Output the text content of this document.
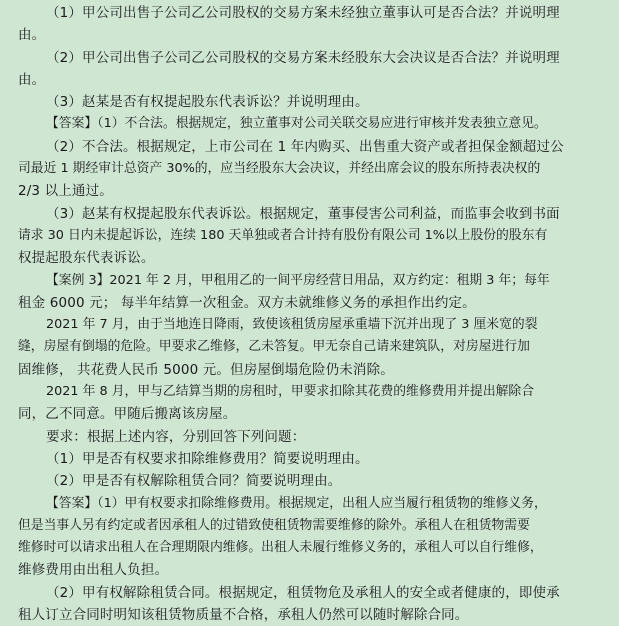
（1）甲公司出售子公司乙公司股权的交易方案未经独立董事认可是否合法？并说明理
由。
（2）甲公司出售子公司乙公司股权的交易方案未经股东大会决议是否合法？并说明理
由。
（3）赵某是否有权提起股东代表诉讼？并说明理由。
【答案】（1）不合法。根据规定，独立董事对公司关联交易应进行审核并发表独立意见。
（2）不合法。根据规定，上市公司在 1 年内购买、出售重大资产或者担保金额超过公
司最近 1 期经审计总资产 30%的，应当经股东大会决议，并经出席会议的股东所持表决权的
2/3 以上通过。
（3）赵某有权提起股东代表诉讼。根据规定，董事侵害公司利益，而监事会收到书面
请求 30 日内未提起诉讼，连续 180 天单独或者合计持有股份有限公司 1%以上股份的股东有
权提起股东代表诉讼。
【案例 3】2021 年 2 月，甲租用乙的一间平房经营日用品，双方约定：租期 3 年；每年
租金 6000 元； 每半年结算一次租金。双方未就维修义务的承担作出约定。
2021 年 7 月，由于当地连日降雨，致使该租赁房屋承重墙下沉并出现了 3 厘米宽的裂
缝，房屋有倒塌的危险。甲要求乙维修，乙未答复。甲无奈自己请来建筑队，对房屋进行加
固维修， 共花费人民币 5000 元。但房屋倒塌危险仍未消除。
2021 年 8 月，甲与乙结算当期的房租时，甲要求扣除其花费的维修费用并提出解除合
同，乙不同意。甲随后搬离该房屋。
要求：根据上述内容，分别回答下列问题：
（1）甲是否有权要求扣除维修费用？简要说明理由。
（2）甲是否有权解除租赁合同？简要说明理由。
【答案】（1）甲有权要求扣除维修费用。根据规定，出租人应当履行租赁物的维修义务，
但是当事人另有约定或者因承租人的过错致使租赁物需要维修的除外。承租人在租赁物需要
维修时可以请求出租人在合理期限内维修。出租人未履行维修义务的，承租人可以自行维修，
维修费用由出租人负担。
（2）甲有权解除租赁合同。根据规定，租赁物危及承租人的安全或者健康的，即使承
租人订立合同时明知该租赁物质量不合格，承租人仍然可以随时解除合同。
